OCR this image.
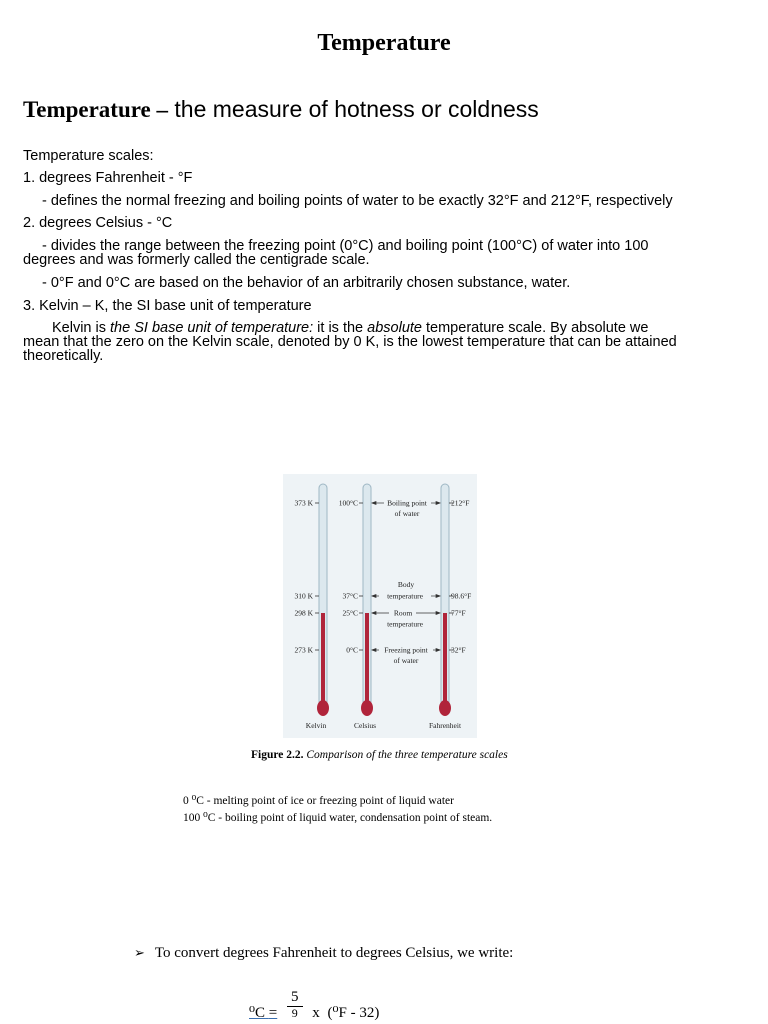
Temperature
Temperature – the measure of hotness or coldness
Temperature scales:
1. degrees Fahrenheit - °F
- defines the normal freezing and boiling points of water to be exactly 32°F and 212°F, respectively
2. degrees Celsius - °C
- divides the range between the freezing point (0°C) and boiling point (100°C) of water into 100
degrees and was formerly called the centigrade scale.
- 0°F and 0°C are based on the behavior of an arbitrarily chosen substance, water.
3. Kelvin – K, the SI base unit of temperature
Kelvin is the SI base unit of temperature: it is the absolute temperature scale. By absolute we
mean that the zero on the Kelvin scale, denoted by 0 K, is the lowest temperature that can be attained
theoretically.
373 K
310 K
298 K
273 K
100°C
37°C
25°C
0°C
212°F
98.6°F
77°F
32°F
Boiling point
of water
Body
temperature
Room
temperature
Freezing point
of water
Kelvin	Celsius	Fahrenheit
Figure 2.2. Comparison of the three temperature scales
0 ⁰C - melting point of ice or freezing point of liquid water
100 ⁰C - boiling point of liquid water, condensation point of steam.
➢ To convert degrees Fahrenheit to degrees Celsius, we write:
⁰C =
5
9 x (⁰F - 32)
